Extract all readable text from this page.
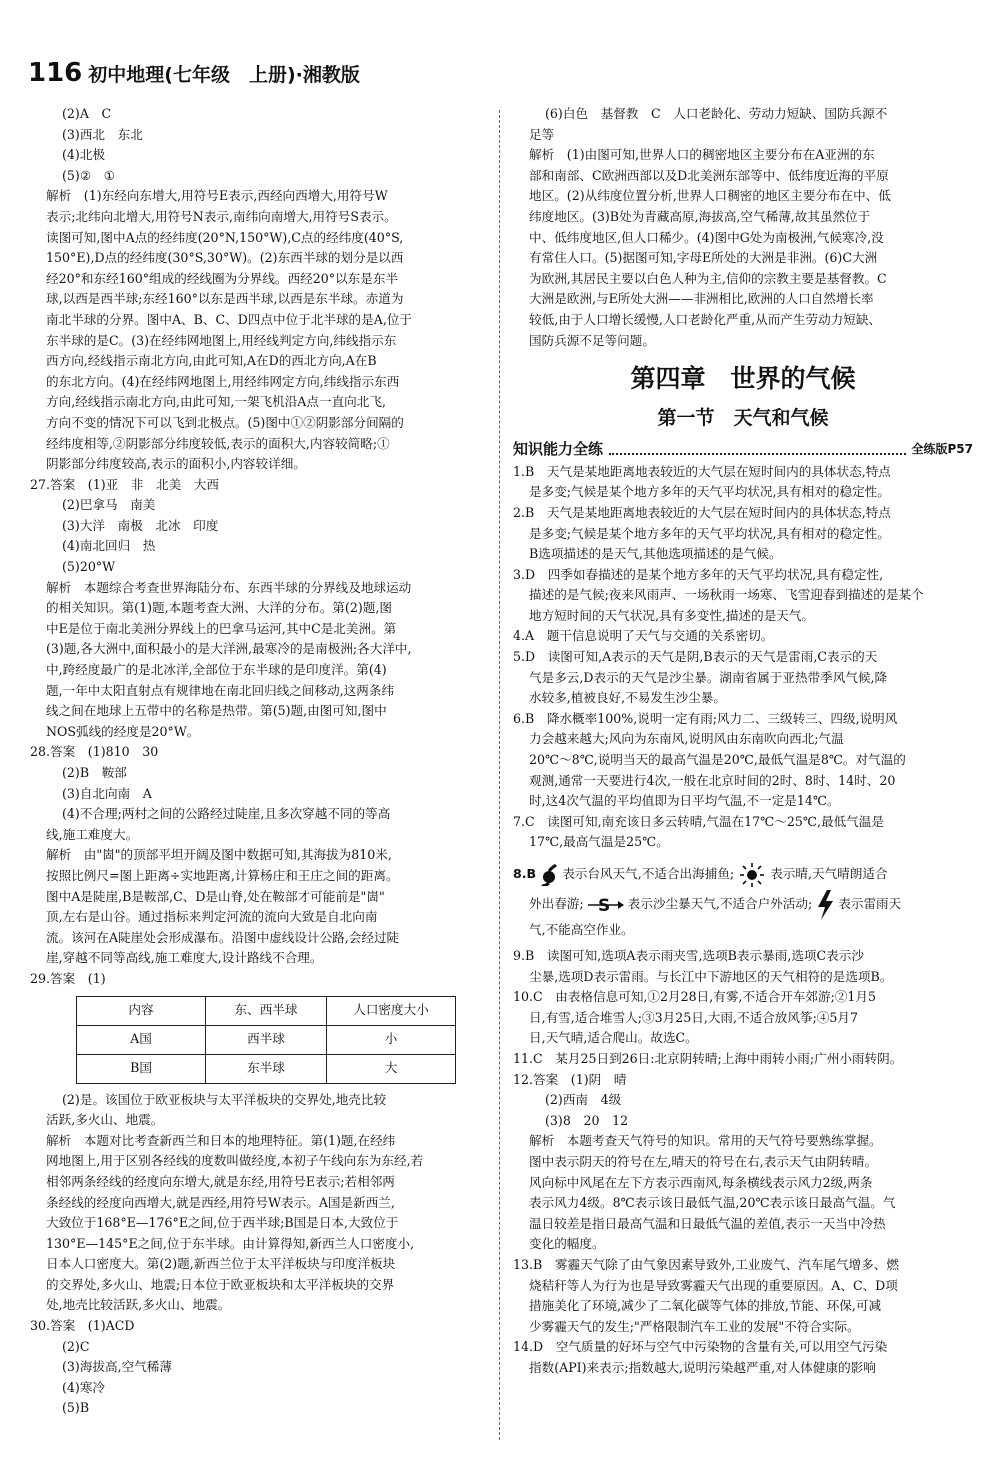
116 初中地理(七年级　上册)·湘教版
(2)A　C
(3)西北　东北
(4)北极
(5)②　①
解析　(1)东经向东增大,用符号E表示,西经向西增大,用符号W
表示;北纬向北增大,用符号N表示,南纬向南增大,用符号S表示。
读图可知,图中A点的经纬度(20°N,150°W),C点的经纬度(40°S,
150°E),D点的经纬度(30°S,30°W)。(2)东西半球的划分是以西
经20°和东经160°组成的经线圈为分界线。西经20°以东是东半
球,以西是西半球;东经160°以东是西半球,以西是东半球。赤道为
南北半球的分界。图中A、B、C、D四点中位于北半球的是A,位于
东半球的是C。(3)在经纬网地图上,用经线判定方向,纬线指示东
西方向,经线指示南北方向,由此可知,A在D的西北方向,A在B
的东北方向。(4)在经纬网地图上,用经纬网定方向,纬线指示东西
方向,经线指示南北方向,由此可知,一架飞机沿A点一直向北飞,
方向不变的情况下可以飞到北极点。(5)图中①②阴影部分间隔的
经纬度相等,②阴影部分纬度较低,表示的面积大,内容较简略;①
阴影部分纬度较高,表示的面积小,内容较详细。
27.答案　(1)亚　非　北美　大西
(2)巴拿马　南美
(3)大洋　南极　北冰　印度
(4)南北回归　热
(5)20°W
解析　本题综合考查世界海陆分布、东西半球的分界线及地球运动
的相关知识。第(1)题,本题考查大洲、大洋的分布。第(2)题,图
中E是位于南北美洲分界线上的巴拿马运河,其中C是北美洲。第
(3)题,各大洲中,面积最小的是大洋洲,最寒冷的是南极洲;各大洋中,
中,跨经度最广的是北冰洋,全部位于东半球的是印度洋。第(4)
题,一年中太阳直射点有规律地在南北回归线之间移动,这两条纬
线之间在地球上五带中的名称是热带。第(5)题,由图可知,图中
NOS弧线的经度是20°W。
28.答案　(1)810　30
(2)B　鞍部
(3)自北向南　A
(4)不合理;两村之间的公路经过陡崖,且多次穿越不同的等高
线,施工难度大。
解析　由"崮"的顶部平坦开阔及图中数据可知,其海拔为810米,
按照比例尺=图上距离÷实地距离,计算杨庄和王庄之间的距离。
图中A是陡崖,B是鞍部,C、D是山脊,处在鞍部才可能前是"崮"
顶,左右是山谷。通过指标来判定河流的流向大致是自北向南
流。该河在A陡崖处会形成瀑布。沿图中虚线设计公路,会经过陡
崖,穿越不同等高线,施工难度大,设计路线不合理。
29.答案　(1)
内容	东、西半球	人口密度大小
A国	西半球	小
B国	东半球	大
(2)是。该国位于欧亚板块与太平洋板块的交界处,地壳比较
活跃,多火山、地震。
解析　本题对比考查新西兰和日本的地理特征。第(1)题,在经纬
网地图上,用于区别各经线的度数叫做经度,本初子午线向东为东经,若
相邻两条经线的经度向东增大,就是东经,用符号E表示;若相邻两
条经线的经度向西增大,就是西经,用符号W表示。A国是新西兰,
大致位于168°E—176°E之间,位于西半球;B国是日本,大致位于
130°E—145°E之间,位于东半球。由计算得知,新西兰人口密度小,
日本人口密度大。第(2)题,新西兰位于太平洋板块与印度洋板块
的交界处,多火山、地震;日本位于欧亚板块和太平洋板块的交界
处,地壳比较活跃,多火山、地震。
30.答案　(1)ACD
(2)C
(3)海拔高,空气稀薄
(4)寒冷
(5)B
(6)白色　基督教　C　人口老龄化、劳动力短缺、国防兵源不
足等
解析　(1)由图可知,世界人口的稠密地区主要分布在A亚洲的东
部和南部、C欧洲西部以及D北美洲东部等中、低纬度近海的平原
地区。(2)从纬度位置分析,世界人口稠密的地区主要分布在中、低
纬度地区。(3)B处为青藏高原,海拔高,空气稀薄,故其虽然位于
中、低纬度地区,但人口稀少。(4)图中G处为南极洲,气候寒冷,没
有常住人口。(5)据图可知,字母E所处的大洲是非洲。(6)C大洲
为欧洲,其居民主要以白色人种为主,信仰的宗教主要是基督教。C
大洲是欧洲,与E所处大洲——非洲相比,欧洲的人口自然增长率
较低,由于人口增长缓慢,人口老龄化严重,从而产生劳动力短缺、
国防兵源不足等问题。
第四章　世界的气候
第一节　天气和气候
知识能力全练	全练版P57
1.B　天气是某地距离地表较近的大气层在短时间内的具体状态,特点
是多变;气候是某个地方多年的天气平均状况,具有相对的稳定性。
2.B　天气是某地距离地表较近的大气层在短时间内的具体状态,特点
是多变;气候是某个地方多年的天气平均状况,具有相对的稳定性。
B选项描述的是天气,其他选项描述的是气候。
3.D　四季如春描述的是某个地方多年的天气平均状况,具有稳定性,
描述的是气候;夜来风雨声、一场秋雨一场寒、飞雪迎春到描述的是某个
地方短时间的天气状况,具有多变性,描述的是天气。
4.A　题干信息说明了天气与交通的关系密切。
5.D　读图可知,A表示的天气是阴,B表示的天气是雷雨,C表示的天
气是多云,D表示的天气是沙尘暴。湖南省属于亚热带季风气候,降
水较多,植被良好,不易发生沙尘暴。
6.B　降水概率100%,说明一定有雨;风力二、三级转三、四级,说明风
力会越来越大;风向为东南风,说明风由东南吹向西北;气温
20℃～8℃,说明当天的最高气温是20℃,最低气温是8℃。对气温的
观测,通常一天要进行4次,一般在北京时间的2时、8时、14时、20
时,这4次气温的平均值即为日平均气温,不一定是14℃。
7.C　读图可知,南充该日多云转晴,气温在17℃～25℃,最低气温是
17℃,最高气温是25℃。
8.B 表示台风天气,不适合出海捕鱼;	表示晴,天气晴朗适合
外出春游; S 表示沙尘暴天气,不适合户外活动; 表示雷雨天
气,不能高空作业。
9.B　读图可知,选项A表示雨夹雪,选项B表示暴雨,选项C表示沙
尘暴,选项D表示雷雨。与长江中下游地区的天气相符的是选项B。
10.C　由表格信息可知,①2月28日,有雾,不适合开车郊游;②1月5
日,有雪,适合堆雪人;③3月25日,大雨,不适合放风筝;④5月7
日,天气晴,适合爬山。故选C。
11.C　某月25日到26日:北京阴转晴;上海中雨转小雨;广州小雨转阴。
12.答案　(1)阴　晴
(2)西南　4级
(3)8　20　12
解析　本题考查天气符号的知识。常用的天气符号要熟练掌握。
图中表示阴天的符号在左,晴天的符号在右,表示天气由阴转晴。
风向标中风尾在左下方表示西南风,每条横线表示风力2级,两条
表示风力4级。8℃表示该日最低气温,20℃表示该日最高气温。气
温日较差是指日最高气温和日最低气温的差值,表示一天当中冷热
变化的幅度。
13.B　雾霾天气除了由气象因素导致外,工业废气、汽车尾气增多、燃
烧秸秆等人为行为也是导致雾霾天气出现的重要原因。A、C、D项
措施美化了环境,减少了二氧化碳等气体的排放,节能、环保,可减
少雾霾天气的发生;"严格限制汽车工业的发展"不符合实际。
14.D　空气质量的好坏与空气中污染物的含量有关,可以用空气污染
指数(API)来表示;指数越大,说明污染越严重,对人体健康的影响
